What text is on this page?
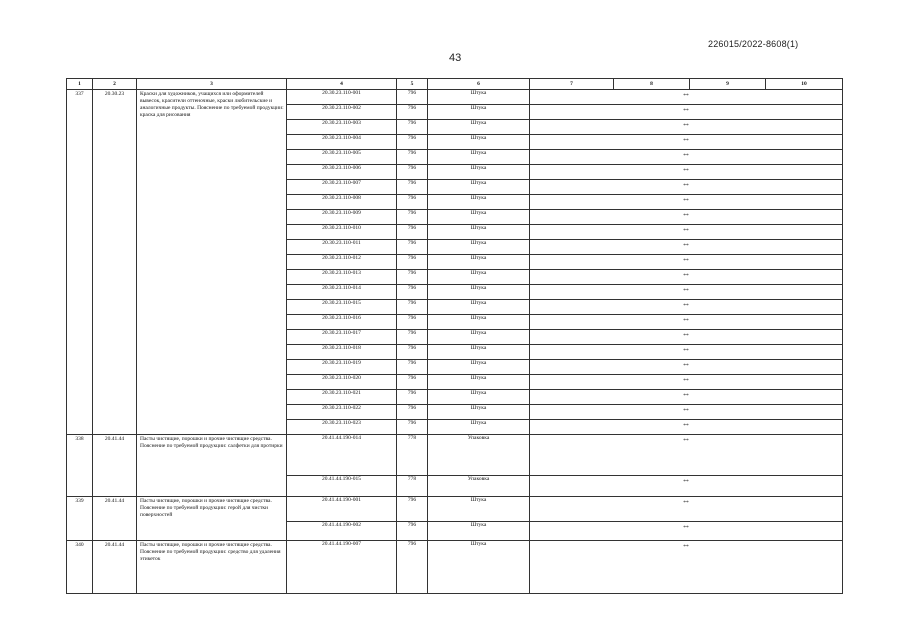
226015/2022-8608(1)
43
1	2	3	4	5	6	7	8	9	10
337	20.30.23	Краски для художников, учащихся или оформителей вывесок, красители оттеночные, краски любительские и аналогичные продукты. Пояснение по требуемой продукции: краска для рисования	20.30.23.110-001	796	Штука	**			
			20.30.23.110-002	796	Штука	**			
			20.30.23.110-003	796	Штука	**			
			20.30.23.110-004	796	Штука	**			
			20.30.23.110-005	796	Штука	**			
			20.30.23.110-006	796	Штука	**			
			20.30.23.110-007	796	Штука	**			
			20.30.23.110-008	796	Штука	**			
			20.30.23.110-009	796	Штука	**			
			20.30.23.110-010	796	Штука	**			
			20.30.23.110-011	796	Штука	**			
			20.30.23.110-012	796	Штука	**			
			20.30.23.110-013	796	Штука	**			
			20.30.23.110-014	796	Штука	**			
			20.30.23.110-015	796	Штука	**			
			20.30.23.110-016	796	Штука	**			
			20.30.23.110-017	796	Штука	**			
			20.30.23.110-018	796	Штука	**			
			20.30.23.110-019	796	Штука	**			
			20.30.23.110-020	796	Штука	**			
			20.30.23.110-021	796	Штука	**			
			20.30.23.110-022	796	Штука	**			
			20.30.23.110-023	796	Штука	**			
338	20.41.44	Пасты чистящие, порошки и прочие чистящие средства. Пояснение по требуемой продукции: салфетки для протирки	20.41.44.190-014	778	Упаковка	**			
			20.41.44.190-015	778	Упаковка	**			
339	20.41.44	Пасты чистящие, порошки и прочие чистящие средства. Пояснение по требуемой продукции: герой для чистки поверхностей	20.41.44.190-001	796	Штука	**			
			20.41.44.190-002	796	Штука	**			
340	20.41.44	Пасты чистящие, порошки и прочие чистящие средства. Пояснение по требуемой продукции: средство для удаления этикеток	20.41.44.190-007	796	Штука	**			
